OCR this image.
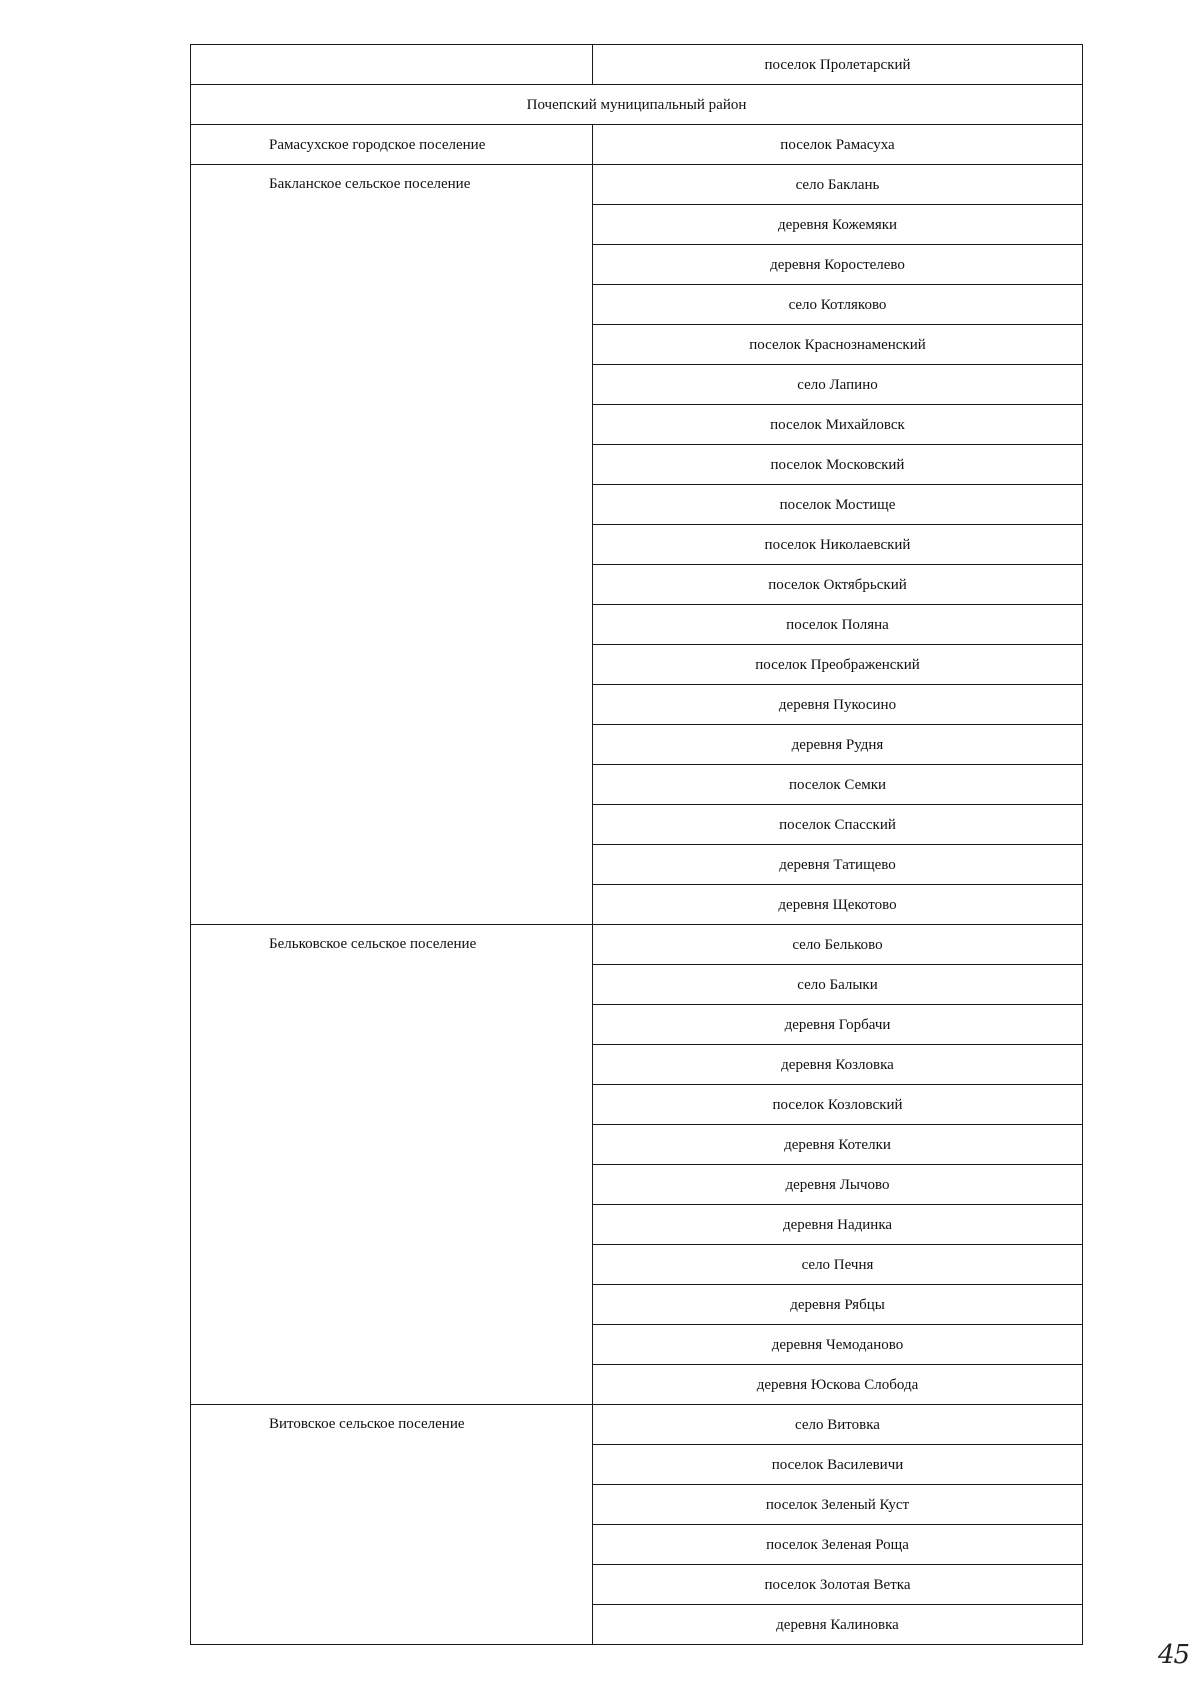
	поселок Пролетарский
Почепский муниципальный район	
Рамасухское городское поселение	поселок Рамасуха
Бакланское сельское поселение	село Баклань
	деревня Кожемяки
	деревня Коростелево
	село Котляково
	поселок Краснознаменский
	село Лапино
	поселок Михайловск
	поселок Московский
	поселок Мостище
	поселок Николаевский
	поселок Октябрьский
	поселок Поляна
	поселок Преображенский
	деревня Пукосино
	деревня Рудня
	поселок Семки
	поселок Спасский
	деревня Татищево
	деревня Щекотово
Бельковское сельское поселение	село Бельково
	село Балыки
	деревня Горбачи
	деревня Козловка
	поселок Козловский
	деревня Котелки
	деревня Лычово
	деревня Надинка
	село Печня
	деревня Рябцы
	деревня Чемоданово
	деревня Юскова Слобода
Витовское сельское поселение	село Витовка
	поселок Василевичи
	поселок Зеленый Куст
	поселок Зеленая Роща
	поселок Золотая Ветка
	деревня Калиновка
45
